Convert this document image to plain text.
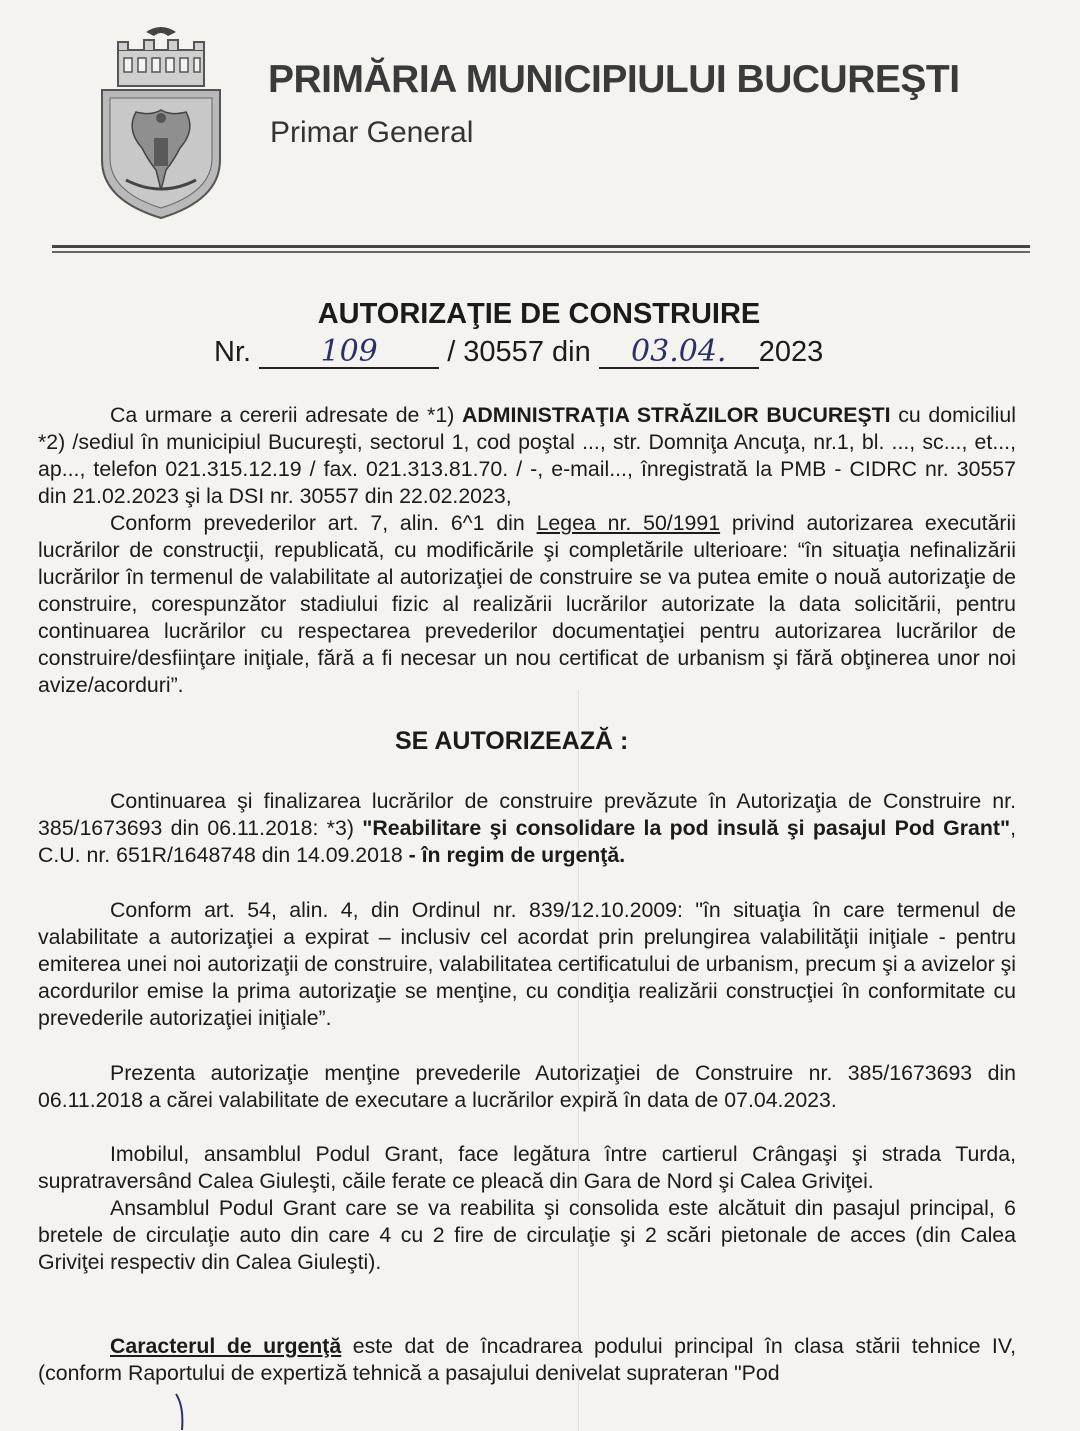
PRIMĂRIA MUNICIPIULUI BUCUREŞTI
Primar General
AUTORIZAŢIE DE CONSTRUIRE
Nr. 109 / 30557 din 03.04. 2023

Ca urmare a cererii adresate de *1) ADMINISTRAŢIA STRĂZILOR BUCUREŞTI cu domiciliul *2) /sediul în municipiul Bucureşti, sectorul 1, cod poştal ..., str. Domniţa Ancuţa, nr.1, bl. ..., sc..., et..., ap..., telefon 021.315.12.19 / fax. 021.313.81.70. / -, e-mail..., înregistrată la PMB - CIDRC nr. 30557 din 21.02.2023 şi la DSI nr. 30557 din 22.02.2023,

Conform prevederilor art. 7, alin. 6^1 din Legea nr. 50/1991 privind autorizarea executării lucrărilor de construcţii, republicată, cu modificările şi completările ulterioare: “în situaţia nefinalizării lucrărilor în termenul de valabilitate al autorizaţiei de construire se va putea emite o nouă autorizaţie de construire, corespunzător stadiului fizic al realizării lucrărilor autorizate la data solicitării, pentru continuarea lucrărilor cu respectarea prevederilor documentaţiei pentru autorizarea lucrărilor de construire/desfiinţare iniţiale, fără a fi necesar un nou certificat de urbanism şi fără obţinerea unor noi avize/acorduri”.

SE AUTORIZEAZĂ :

Continuarea şi finalizarea lucrărilor de construire prevăzute în Autorizaţia de Construire nr. 385/1673693 din 06.11.2018: *3) "Reabilitare şi consolidare la pod insulă şi pasajul Pod Grant", C.U. nr. 651R/1648748 din 14.09.2018 - în regim de urgenţă.

Conform art. 54, alin. 4, din Ordinul nr. 839/12.10.2009: "în situaţia în care termenul de valabilitate a autorizaţiei a expirat – inclusiv cel acordat prin prelungirea valabilităţii iniţiale - pentru emiterea unei noi autorizaţii de construire, valabilitatea certificatului de urbanism, precum şi a avizelor şi acordurilor emise la prima autorizaţie se menţine, cu condiţia realizării construcţiei în conformitate cu prevederile autorizaţiei iniţiale”.

Prezenta autorizaţie menţine prevederile Autorizaţiei de Construire nr. 385/1673693 din 06.11.2018 a cărei valabilitate de executare a lucrărilor expiră în data de 07.04.2023.

Imobilul, ansamblul Podul Grant, face legătura între cartierul Crângaşi şi strada Turda, supratraversând Calea Giuleşti, căile ferate ce pleacă din Gara de Nord şi Calea Griviţei.

Ansamblul Podul Grant care se va reabilita şi consolida este alcătuit din pasajul principal, 6 bretele de circulaţie auto din care 4 cu 2 fire de circulaţie şi 2 scări pietonale de acces (din Calea Griviţei respectiv din Calea Giuleşti).

Caracterul de urgenţă este dat de încadrarea podului principal în clasa stării tehnice IV, (conform Raportului de expertiză tehnică a pasajului denivelat suprateran "Pod
